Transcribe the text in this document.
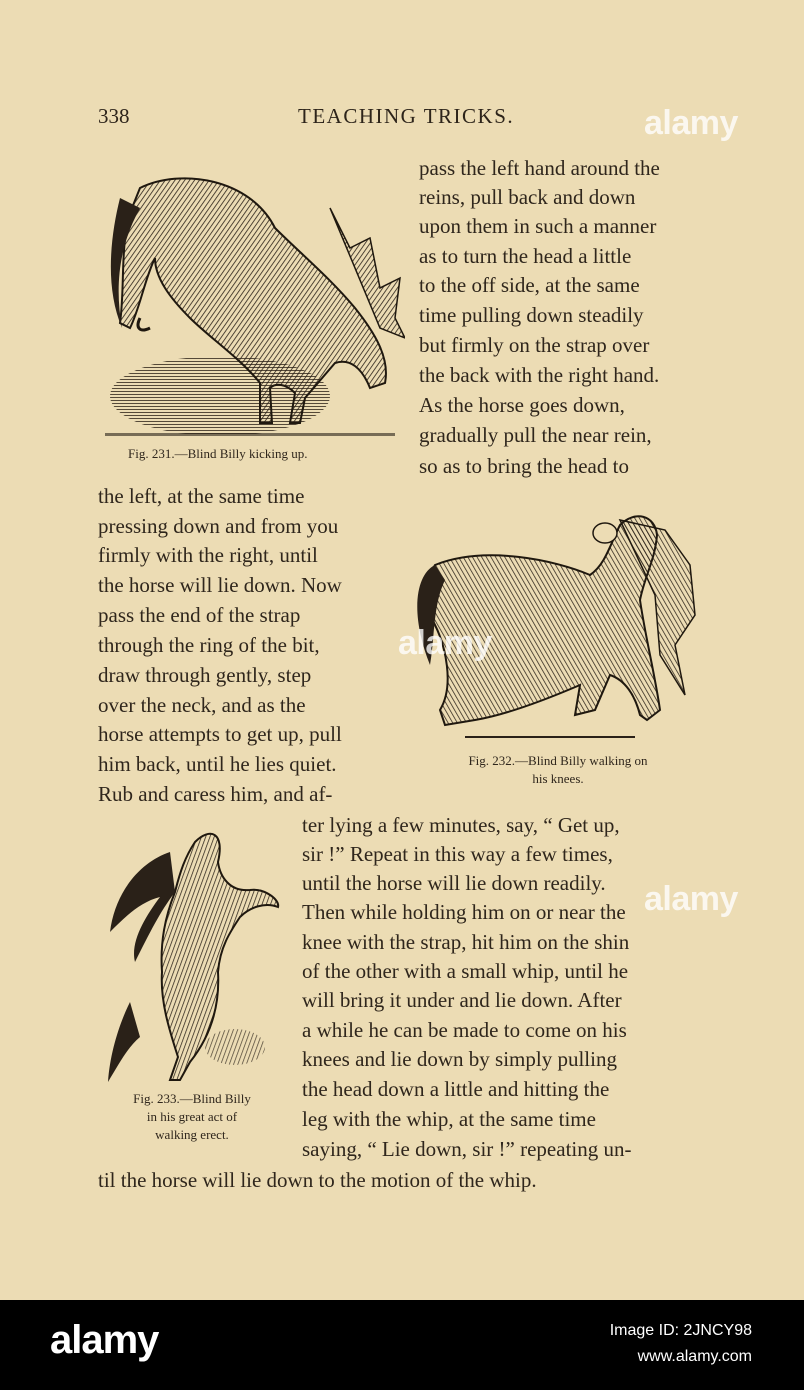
338	TEACHING TRICKS.
Fig. 231.—Blind Billy kicking up.
Fig. 232.—Blind Billy walking on
his knees.
Fig. 233.—Blind Billy
in his great act of
walking erect.
pass the left hand around the
reins, pull back and down
upon them in such a manner
as to turn the head a little
to the off side, at the same
time pulling down steadily
but firmly on the strap over
the back with the right hand.
As the horse goes down,
gradually pull the near rein,
so as to bring the head to
the left, at the same time
pressing down and from you
firmly with the right, until
the horse will lie down. Now
pass the end of the strap
through the ring of the bit,
draw through gently, step
over the neck, and as the
horse attempts to get up, pull
him back, until he lies quiet.
Rub and caress him, and af-
ter lying a few minutes, say, “ Get up,
sir !” Repeat in this way a few times,
until the horse will lie down readily.
Then while holding him on or near the
knee with the strap, hit him on the shin
of the other with a small whip, until he
will bring it under and lie down. After
a while he can be made to come on his
knees and lie down by simply pulling
the head down a little and hitting the
leg with the whip, at the same time
saying, “ Lie down, sir !” repeating un-
til the horse will lie down to the motion of the whip.
alamy
alamy
alamy
alamy	Image ID: 2JNCY98
www.alamy.com
